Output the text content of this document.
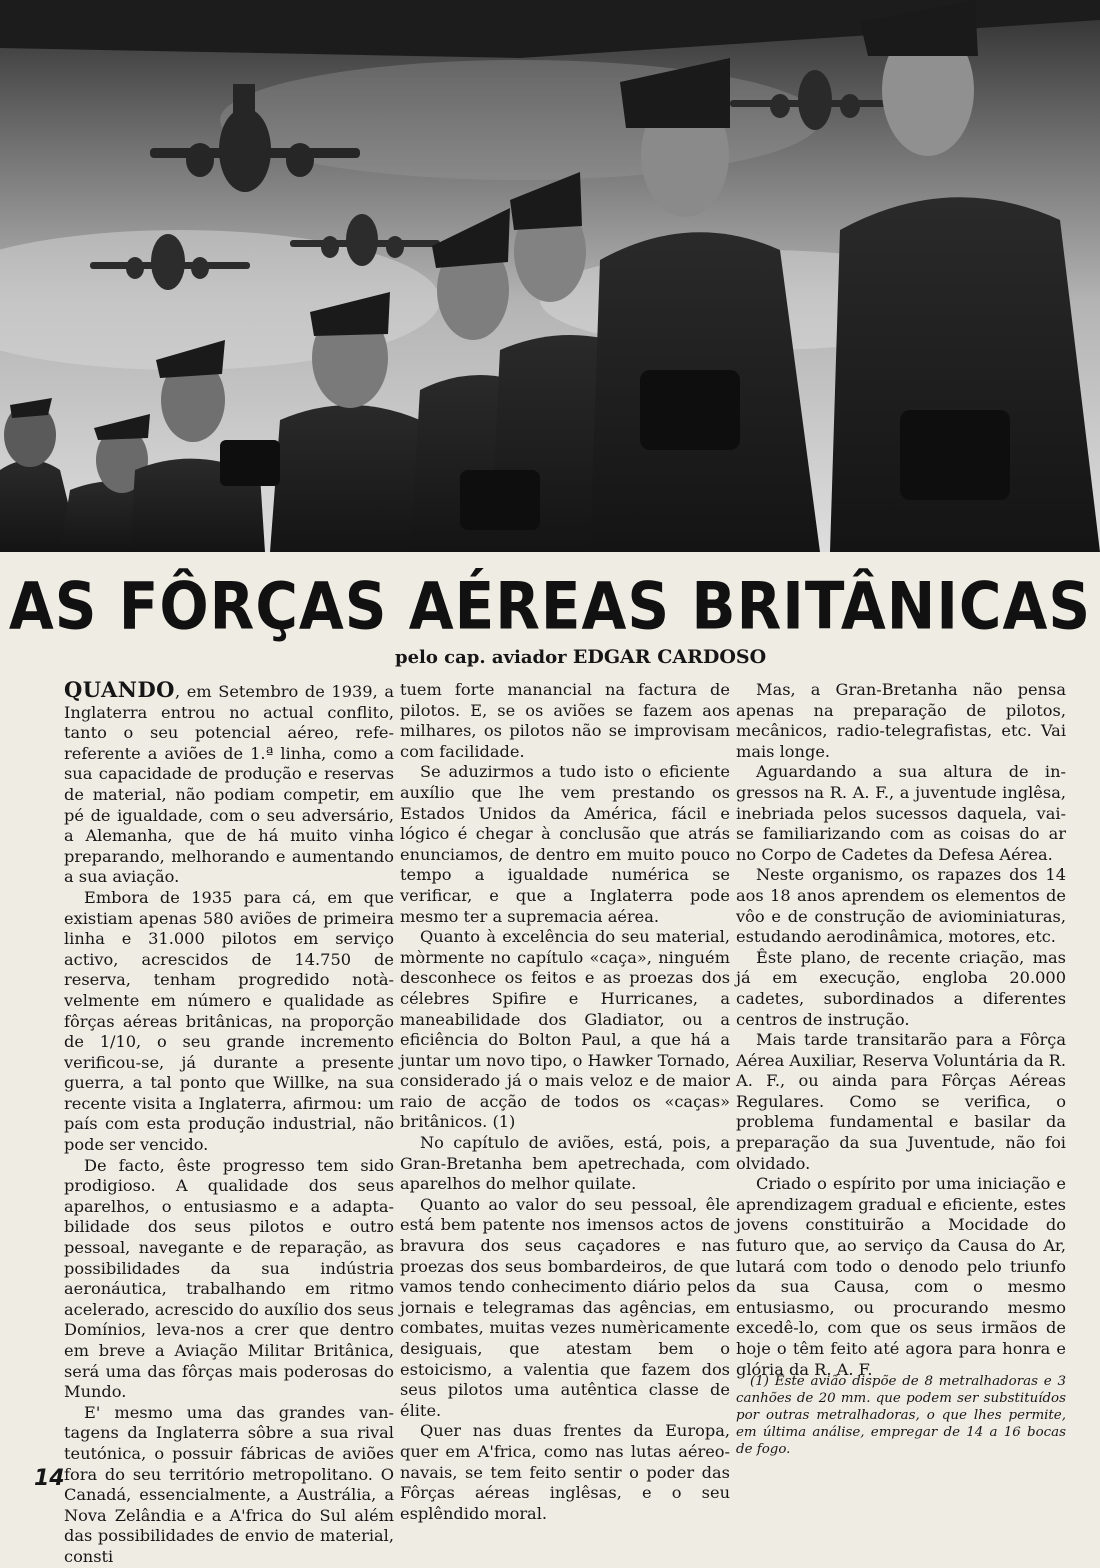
AS FÔRÇAS AÉREAS BRITÂNICAS
pelo cap. aviador EDGAR CARDOSO

QUANDO, em Setembro de 1939, a Inglaterra entrou no actual conflito, tanto o seu potencial aéreo, refereferente a aviões de 1.ª linha, como a sua capacidade de produção e reservas de material, não podiam competir, em pé de igualdade, com o seu adversário, a Alemanha, que de há muito vinha preparando, melhorando e aumentando a sua aviação.

Embora de 1935 para cá, em que existiam apenas 580 aviões de primeira linha e 31.000 pilotos em serviço activo, acrescidos de 14.750 de reserva, tenham progredido notàvelmente em número e qualidade as fôrças aéreas britânicas, na proporção de 1/10, o seu grande incremento verificou-se, já durante a presente guerra, a tal ponto que Willke, na sua recente visita a Inglaterra, afirmou: um país com esta produção industrial, não pode ser vencido.

De facto, êste progresso tem sido prodigioso. A qualidade dos seus aparelhos, o entusiasmo e a adaptabilidade dos seus pilotos e outro pessoal, navegante e de reparação, as possibilidades da sua indústria aeronáutica, trabalhando em ritmo acelerado, acrescido do auxílio dos seus Domínios, leva-nos a crer que dentro em breve a Aviação Militar Britânica, será uma das fôrças mais poderosas do Mundo.

E' mesmo uma das grandes vantagens da Inglaterra sôbre a sua rival teutónica, o possuir fábricas de aviões fora do seu território metropolitano. O Canadá, essencialmente, a Austrália, a Nova Zelândia e a A'frica do Sul além das possibilidades de envio de material, consti

tuem forte manancial na factura de pilotos. E, se os aviões se fazem aos milhares, os pilotos não se improvisam com facilidade.

Se aduzirmos a tudo isto o eficiente auxílio que lhe vem prestando os Estados Unidos da América, fácil e lógico é chegar à conclusão que atrás enunciamos, de dentro em muito pouco tempo a igualdade numérica se verificar, e que a Inglaterra pode mesmo ter a supremacia aérea.

Quanto à excelência do seu material, mòrmente no capítulo «caça», ninguém desconhece os feitos e as proezas dos célebres Spifire e Hurricanes, a maneabilidade dos Gladiator, ou a eficiência do Bolton Paul, a que há a juntar um novo tipo, o Hawker Tornado, considerado já o mais veloz e de maior raio de acção de todos os «caças» britânicos. (1)

No capítulo de aviões, está, pois, a Gran-Bretanha bem apetrechada, com aparelhos do melhor quilate.

Quanto ao valor do seu pessoal, êle está bem patente nos imensos actos de bravura dos seus caçadores e nas proezas dos seus bombardeiros, de que vamos tendo conhecimento diário pelos jornais e telegramas das agências, em combates, muitas vezes numèricamente desiguais, que atestam bem o estoicismo, a valentia que fazem dos seus pilotos uma autêntica classe de élite.

Quer nas duas frentes da Europa, quer em A'frica, como nas lutas aéreo-navais, se tem feito sentir o poder das Fôrças aéreas inglêsas, e o seu esplêndido moral.

Mas, a Gran-Bretanha não pensa apenas na preparação de pilotos, mecânicos, radio-telegrafistas, etc. Vai mais longe.

Aguardando a sua altura de ingressos na R. A. F., a juventude inglêsa, inebriada pelos sucessos daquela, vai-se familiarizando com as coisas do ar no Corpo de Cadetes da Defesa Aérea.

Neste organismo, os rapazes dos 14 aos 18 anos aprendem os elementos de vôo e de construção de aviominiaturas, estudando aerodinâmica, motores, etc.

Êste plano, de recente criação, mas já em execução, engloba 20.000 cadetes, subordinados a diferentes centros de instrução.

Mais tarde transitarão para a Fôrça Aérea Auxiliar, Reserva Voluntária da R. A. F., ou ainda para Fôrças Aéreas Regulares. Como se verifica, o problema fundamental e basilar da preparação da sua Juventude, não foi olvidado.

Criado o espírito por uma iniciação e aprendizagem gradual e eficiente, estes jovens constituirão a Mocidade do futuro que, ao serviço da Causa do Ar, lutará com todo o denodo pelo triunfo da sua Causa, com o mesmo entusiasmo, ou procurando mesmo excedê-lo, com que os seus irmãos de hoje o têm feito até agora para honra e glória da R. A. F.

(1) Êste avião dispõe de 8 metralhadoras e 3 canhões de 20 mm. que podem ser substituídos por outras metralhadoras, o que lhes permite, em última análise, empregar de 14 a 16 bocas de fogo.

14
